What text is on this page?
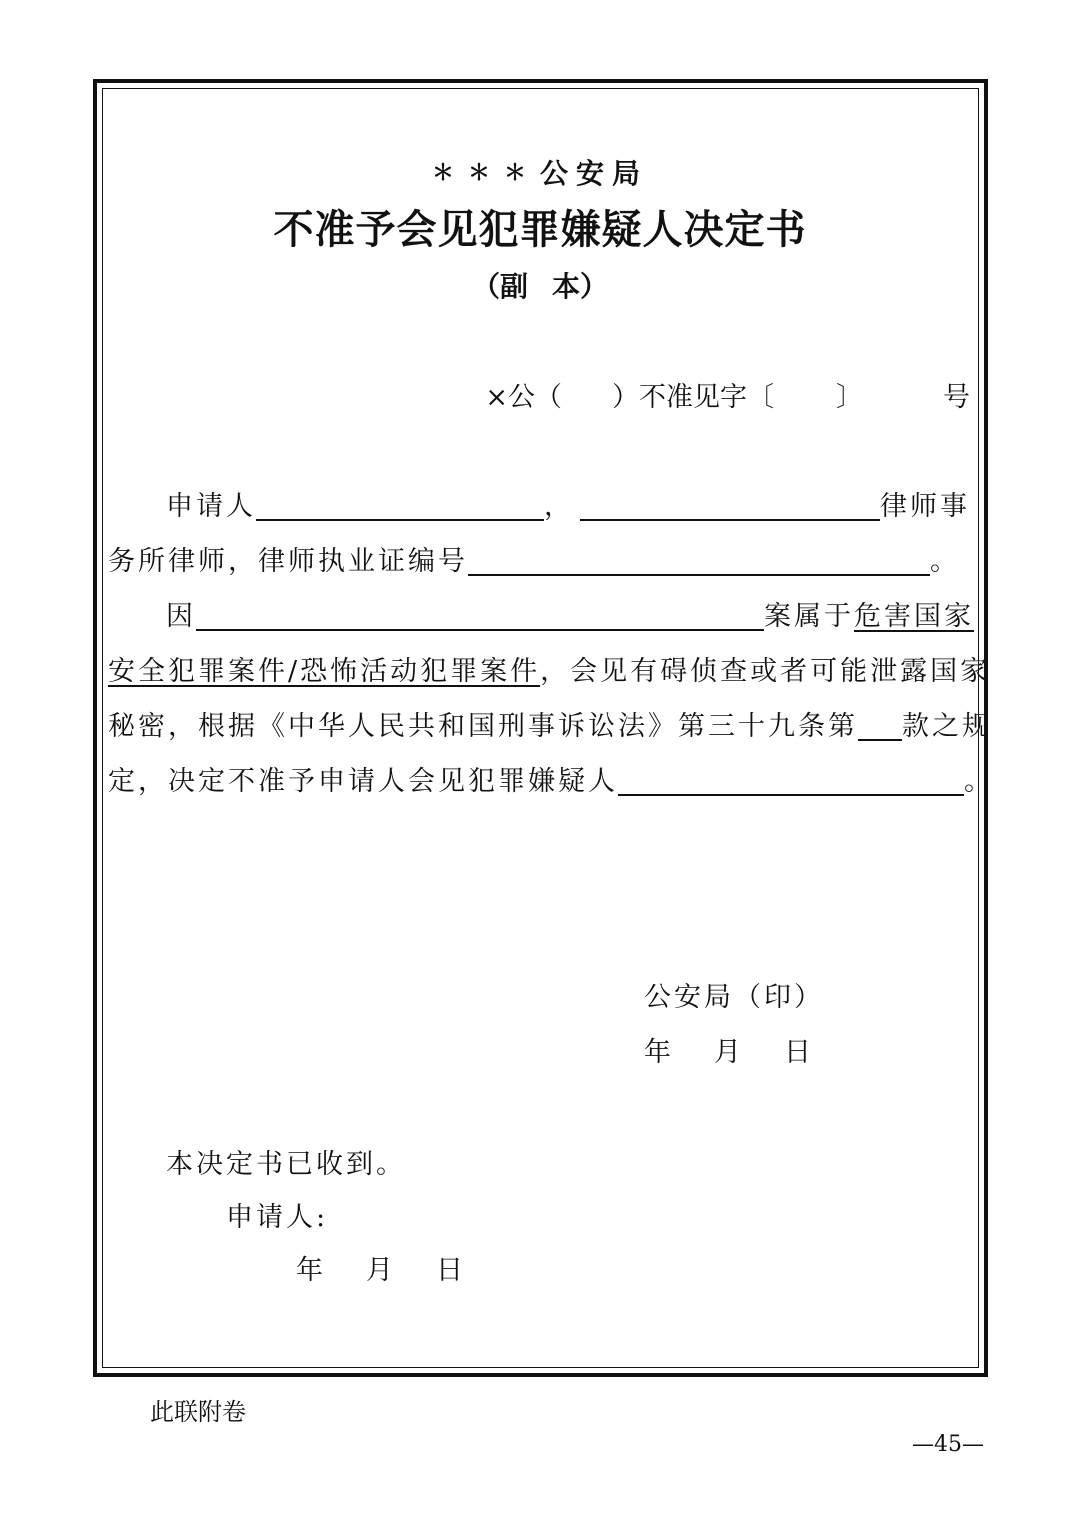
＊＊＊公安局
不准予会见犯罪嫌疑人决定书
（副 本）
×公（ ）不准见字〔 〕	号
申请人	，	律师事
务所律师，律师执业证编号	。
因	案属于危害国家
安全犯罪案件/恐怖活动犯罪案件，会见有碍侦查或者可能泄露国家
秘密，根据《中华人民共和国刑事诉讼法》第三十九条第 款之规
定，决定不准予申请人会见犯罪嫌疑人	。
公安局（印）
年 月 日
本决定书已收到。
申请人:
年 月 日
此联附卷
—45—
